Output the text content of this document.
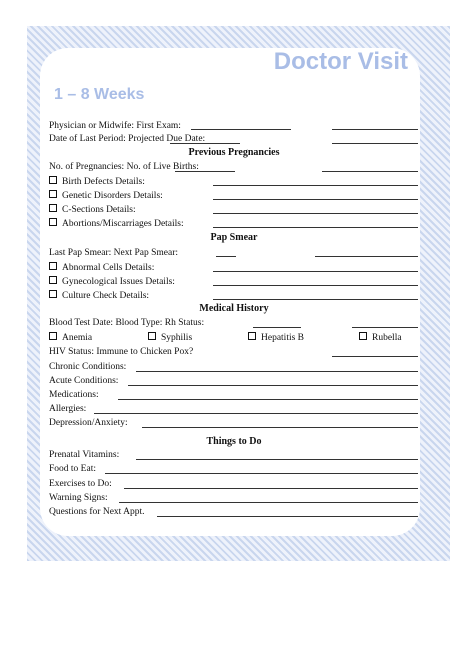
Doctor Visit
1 – 8 Weeks
Physician or Midwife: First Exam:
Date of Last Period: Projected Due Date:
Previous Pregnancies
No. of Pregnancies: No. of Live Births:
Birth Defects Details:
Genetic Disorders Details:
C-Sections Details:
Abortions/Miscarriages Details:
Pap Smear
Last Pap Smear: Next Pap Smear:
Abnormal Cells Details:
Gynecological Issues Details:
Culture Check Details:
Medical History
Blood Test Date: Blood Type: Rh Status:
Anemia	Syphilis	Hepatitis B	Rubella
HIV Status: Immune to Chicken Pox?
Chronic Conditions:
Acute Conditions:
Medications:
Allergies:
Depression/Anxiety:
Things to Do
Prenatal Vitamins:
Food to Eat:
Exercises to Do:
Warning Signs:
Questions for Next Appt.
